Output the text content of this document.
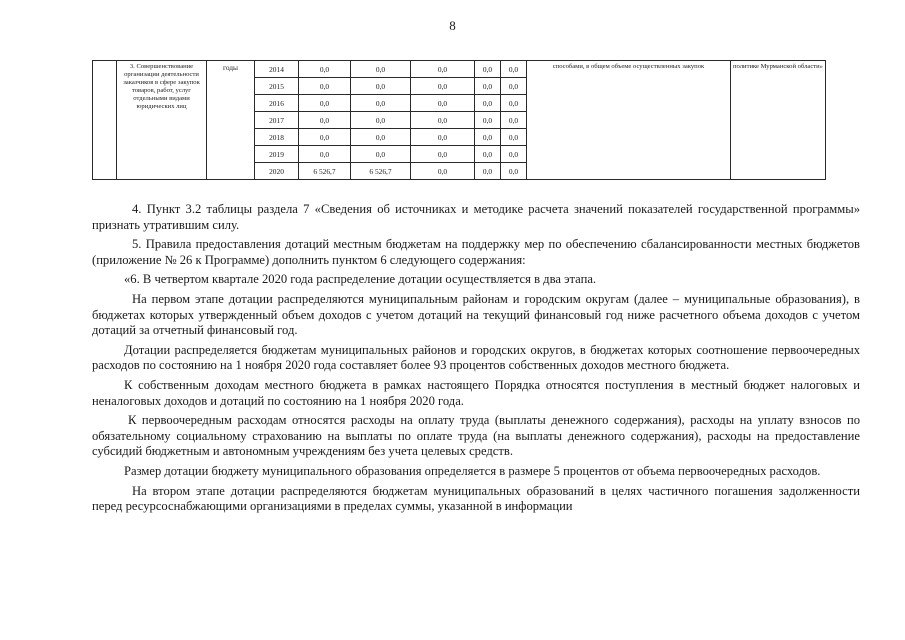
8
	3. Совершенствование организации деятельности заказчиков в сфере закупок товаров, работ, услуг отдельными видами юридических лиц	годы	2014	0,0	0,0	0,0	0,0	0,0	способами, в общем объеме осуществленных закупок	политике Мурманской области»
			2015	0,0	0,0	0,0	0,0	0,0		
			2016	0,0	0,0	0,0	0,0	0,0		
			2017	0,0	0,0	0,0	0,0	0,0		
			2018	0,0	0,0	0,0	0,0	0,0		
			2019	0,0	0,0	0,0	0,0	0,0		
			2020	6 526,7	6 526,7	0,0	0,0	0,0		

4. Пункт 3.2 таблицы раздела 7 «Сведения об источниках и методике расчета значений показателей государственной программы» признать утратившим силу.

5. Правила предоставления дотаций местным бюджетам на поддержку мер по обеспечению сбалансированности местных бюджетов (приложение № 26 к Программе) дополнить пунктом 6 следующего содержания:

«6. В четвертом квартале 2020 года распределение дотации осуществляется в два этапа.

На первом этапе дотации распределяются муниципальным районам и городским округам (далее – муниципальные образования), в бюджетах которых утвержденный объем доходов с учетом дотаций на текущий финансовый год ниже расчетного объема доходов с учетом дотаций за отчетный финансовый год.

Дотации распределяется бюджетам муниципальных районов и городских округов, в бюджетах которых соотношение первоочередных расходов по состоянию на 1 ноября 2020 года составляет более 93 процентов собственных доходов местного бюджета.

К собственным доходам местного бюджета в рамках настоящего Порядка относятся поступления в местный бюджет налоговых и неналоговых доходов и дотаций по состоянию на 1 ноября 2020 года.

К первоочередным расходам относятся расходы на оплату труда (выплаты денежного содержания), расходы на уплату взносов по обязательному социальному страхованию на выплаты по оплате труда (на выплаты денежного содержания), расходы на предоставление субсидий бюджетным и автономным учреждениям без учета целевых средств.

Размер дотации бюджету муниципального образования определяется в размере 5 процентов от объема первоочередных расходов.

На втором этапе дотации распределяются бюджетам муниципальных образований в целях частичного погашения задолженности перед ресурсоснабжающими организациями в пределах суммы, указанной в информации
